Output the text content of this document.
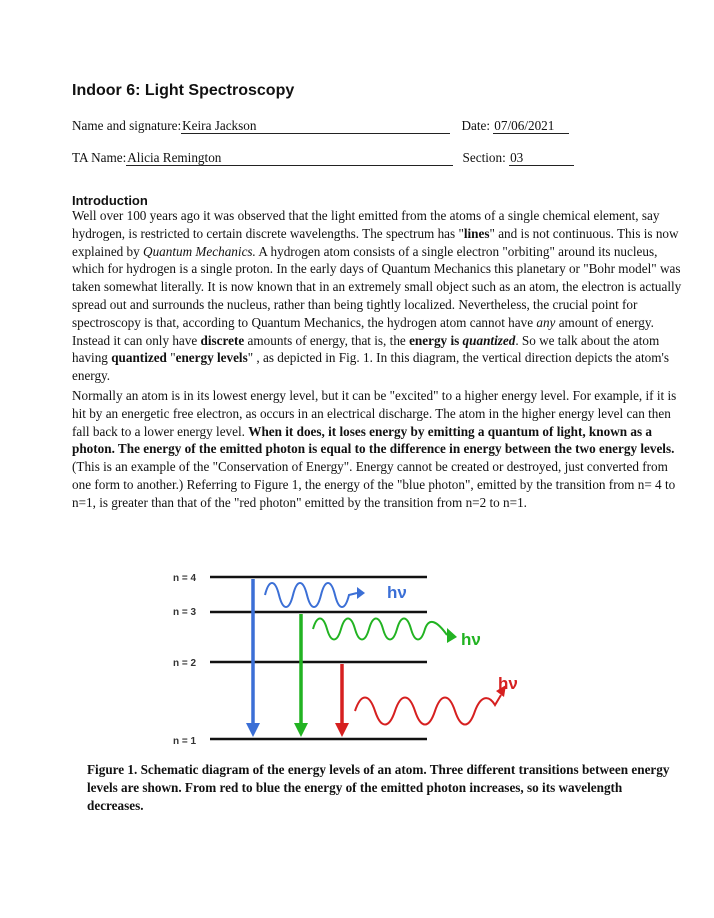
Indoor 6: Light Spectroscopy
Name and signature:Keira Jackson	Date: 07/06/2021
TA Name:Alicia Remington	Section: 03
Introduction

Well over 100 years ago it was observed that the light emitted from the atoms of a single chemical element, say hydrogen, is restricted to certain discrete wavelengths. The spectrum has "lines" and is not continuous. This is now explained by Quantum Mechanics. A hydrogen atom consists of a single electron "orbiting" around its nucleus, which for hydrogen is a single proton. In the early days of Quantum Mechanics this planetary or "Bohr model" was taken somewhat literally. It is now known that in an extremely small object such as an atom, the electron is actually spread out and surrounds the nucleus, rather than being tightly localized. Nevertheless, the crucial point for spectroscopy is that, according to Quantum Mechanics, the hydrogen atom cannot have any amount of energy. Instead it can only have discrete amounts of energy, that is, the energy is quantized. So we talk about the atom having quantized "energy levels" , as depicted in Fig. 1. In this diagram, the vertical direction depicts the atom's energy.

Normally an atom is in its lowest energy level, but it can be "excited" to a higher energy level. For example, if it is hit by an energetic free electron, as occurs in an electrical discharge. The atom in the higher energy level can then fall back to a lower energy level. When it does, it loses energy by emitting a quantum of light, known as a photon. The energy of the emitted photon is equal to the difference in energy between the two energy levels. (This is an example of the "Conservation of Energy". Energy cannot be created or destroyed, just converted from one form to another.) Referring to Figure 1, the energy of the "blue photon", emitted by the transition from n= 4 to n=1, is greater than that of the "red photon" emitted by the transition from n=2 to n=1.

n = 4
n = 3
n = 2
n = 1
hν
hν
hν

Figure 1. Schematic diagram of the energy levels of an atom. Three different transitions between energy levels are shown. From red to blue the energy of the emitted photon increases, so its wavelength decreases.
